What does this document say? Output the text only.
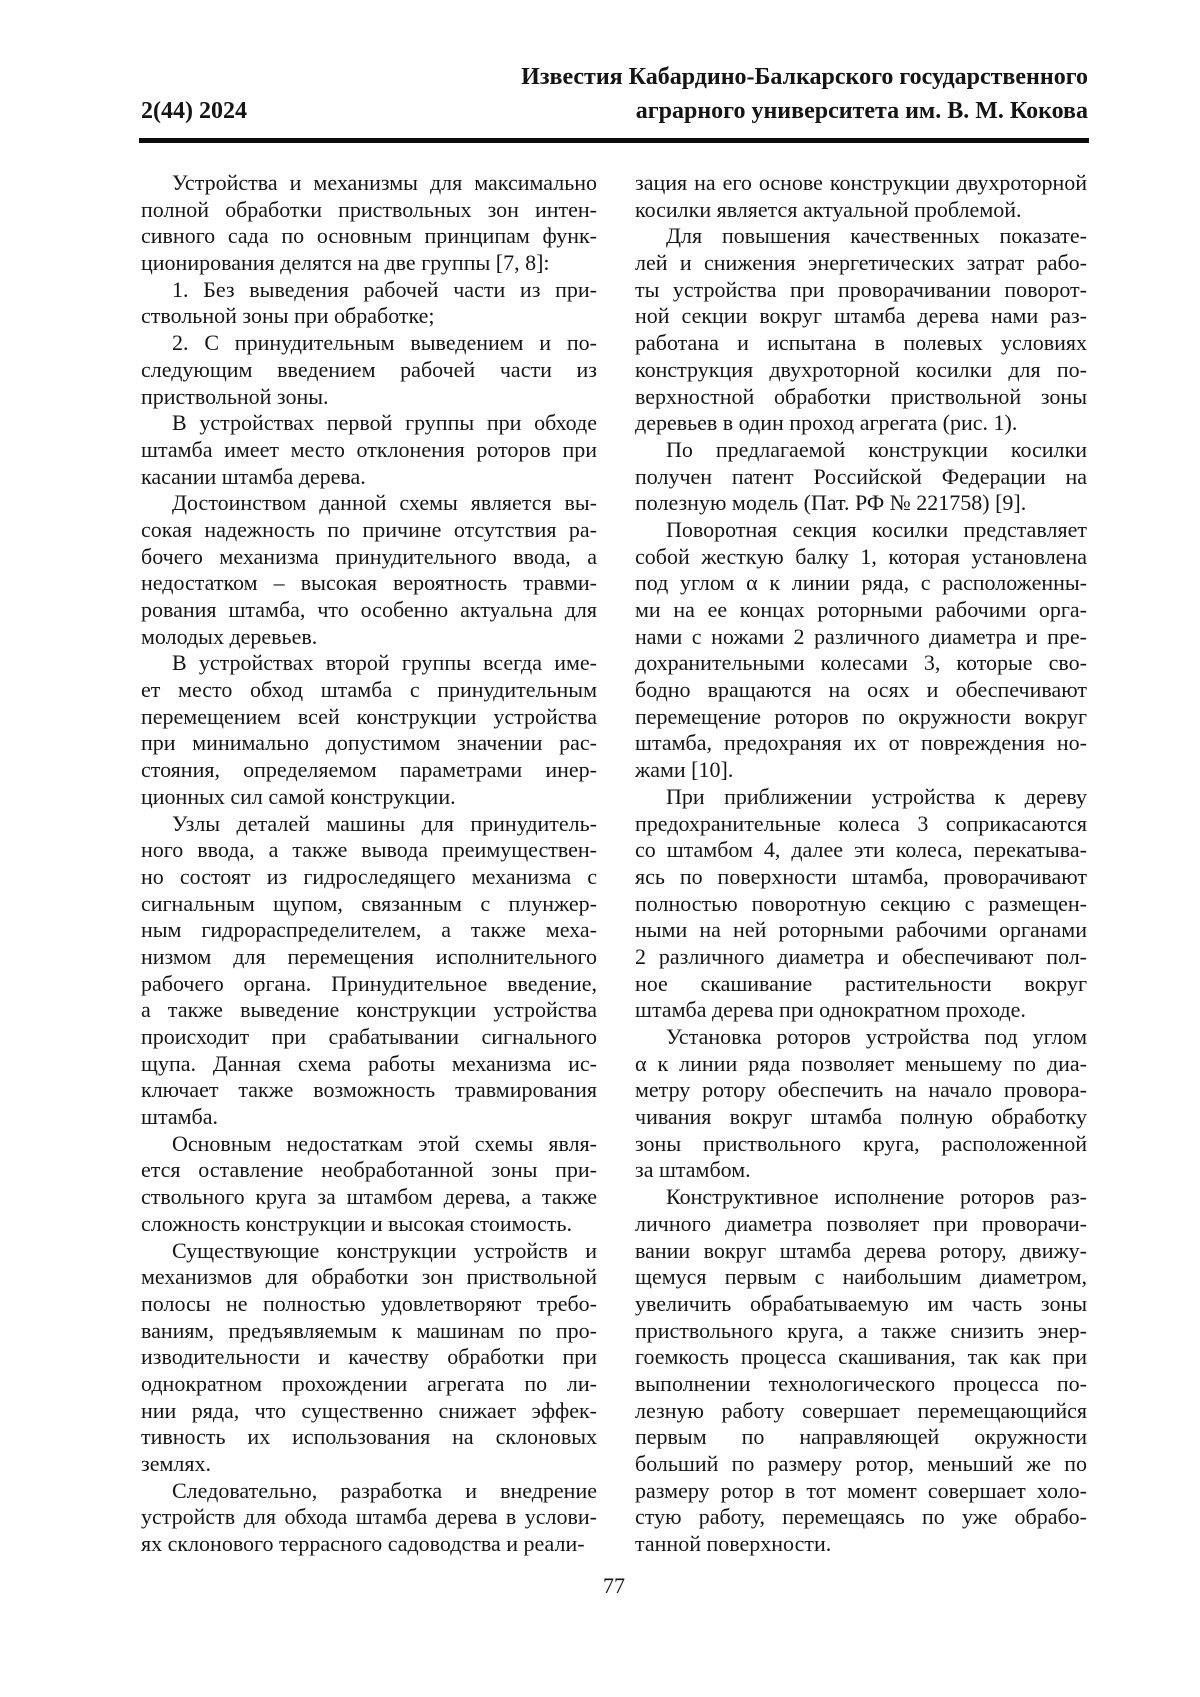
2(44) 2024
Известия Кабардино-Балкарского государственного
аграрного университета им. В. М. Кокова
Устройства и механизмы для максимально
полной обработки приствольных зон интен-
сивного сада по основным принципам функ-
ционирования делятся на две группы [7, 8]:
1. Без выведения рабочей части из при-
ствольной зоны при обработке;
2. С принудительным выведением и по-
следующим введением рабочей части из
приствольной зоны.
В устройствах первой группы при обходе
штамба имеет место отклонения роторов при
касании штамба дерева.
Достоинством данной схемы является вы-
сокая надежность по причине отсутствия ра-
бочего механизма принудительного ввода, а
недостатком – высокая вероятность травми-
рования штамба, что особенно актуальна для
молодых деревьев.
В устройствах второй группы всегда име-
ет место обход штамба с принудительным
перемещением всей конструкции устройства
при минимально допустимом значении рас-
стояния, определяемом параметрами инер-
ционных сил самой конструкции.
Узлы деталей машины для принудитель-
ного ввода, а также вывода преимуществен-
но состоят из гидроследящего механизма с
сигнальным щупом, связанным с плунжер-
ным гидрораспределителем, а также меха-
низмом для перемещения исполнительного
рабочего органа. Принудительное введение,
а также выведение конструкции устройства
происходит при срабатывании сигнального
щупа. Данная схема работы механизма ис-
ключает также возможность травмирования
штамба.
Основным недостаткам этой схемы явля-
ется оставление необработанной зоны при-
ствольного круга за штамбом дерева, а также
сложность конструкции и высокая стоимость.
Существующие конструкции устройств и
механизмов для обработки зон приствольной
полосы не полностью удовлетворяют требо-
ваниям, предъявляемым к машинам по про-
изводительности и качеству обработки при
однократном прохождении агрегата по ли-
нии ряда, что существенно снижает эффек-
тивность их использования на склоновых
землях.
Следовательно, разработка и внедрение
устройств для обхода штамба дерева в услови-
ях склонового террасного садоводства и реали-
зация на его основе конструкции двухроторной
косилки является актуальной проблемой.
Для повышения качественных показате-
лей и снижения энергетических затрат рабо-
ты устройства при проворачивании поворот-
ной секции вокруг штамба дерева нами раз-
работана и испытана в полевых условиях
конструкция двухроторной косилки для по-
верхностной обработки приствольной зоны
деревьев в один проход агрегата (рис. 1).
По предлагаемой конструкции косилки
получен патент Российской Федерации на
полезную модель (Пат. РФ № 221758) [9].
Поворотная секция косилки представляет
собой жесткую балку 1, которая установлена
под углом α к линии ряда, с расположенны-
ми на ее концах роторными рабочими орга-
нами с ножами 2 различного диаметра и пре-
дохранительными колесами 3, которые сво-
бодно вращаются на осях и обеспечивают
перемещение роторов по окружности вокруг
штамба, предохраняя их от повреждения но-
жами [10].
При приближении устройства к дереву
предохранительные колеса 3 соприкасаются
со штамбом 4, далее эти колеса, перекатыва-
ясь по поверхности штамба, проворачивают
полностью поворотную секцию с размещен-
ными на ней роторными рабочими органами
2 различного диаметра и обеспечивают пол-
ное скашивание растительности вокруг
штамба дерева при однократном проходе.
Установка роторов устройства под углом
α к линии ряда позволяет меньшему по диа-
метру ротору обеспечить на начало провора-
чивания вокруг штамба полную обработку
зоны приствольного круга, расположенной
за штамбом.
Конструктивное исполнение роторов раз-
личного диаметра позволяет при проворачи-
вании вокруг штамба дерева ротору, движу-
щемуся первым с наибольшим диаметром,
увеличить обрабатываемую им часть зоны
приствольного круга, а также снизить энер-
гоемкость процесса скашивания, так как при
выполнении технологического процесса по-
лезную работу совершает перемещающийся
первым по направляющей окружности
больший по размеру ротор, меньший же по
размеру ротор в тот момент совершает холо-
стую работу, перемещаясь по уже обрабо-
танной поверхности.
77
